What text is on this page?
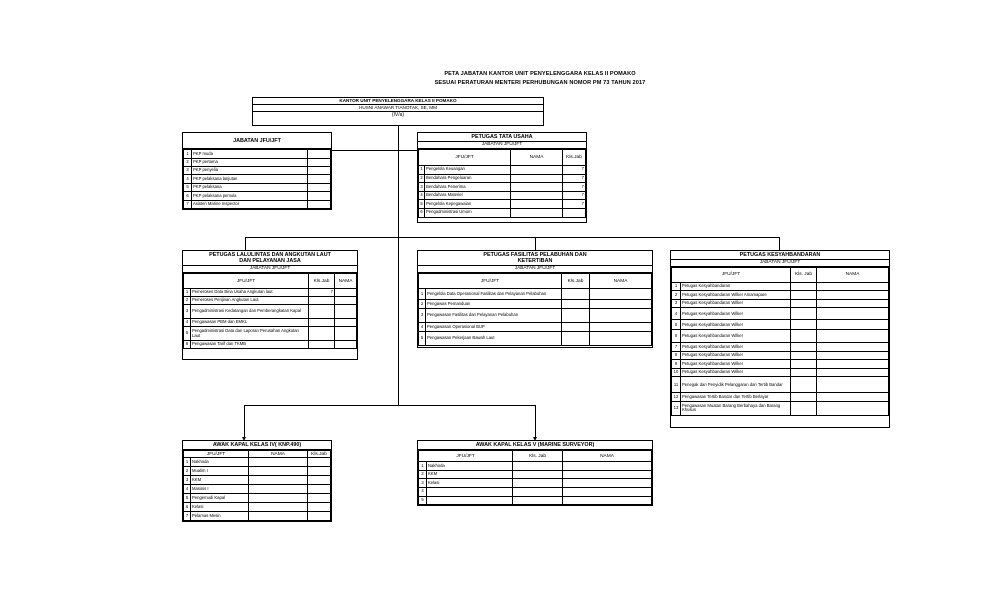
PETA JABATAN KANTOR UNIT PENYELENGGARA KELAS II POMAKO
SESUAI PERATURAN MENTERI PERHUBUNGAN NOMOR PM 73 TAHUN 2017
KANTOR UNIT PENYELENGGARA KELAS II POMAKO
HUSNI ANAWAR TIANOTAK, SE, MM
(IV/a)
JABATAN JFU/JFT
1	PKP muda	
2	PKP pertama	
3	PKP penyelia	
4	PKP pelaksana lanjutan	
5	PKP pelaksana	
6	PKP pelaksana pemula	
7	Asisten Marine Inspector	
PETUGAS TATA USAHA
JABATAN JFU/JFT
JFU/JFT		NAMA	Kls.Jab
1	Pengelola Keuangan		7
2	Bendahara Pengeluaran		7
3	Bendahara Penerima		7
4	Bendahara Materiel		7
5	Pengelola Kepegawaian		7
6	Pengadministrasi Umum		
PETUGAS LALULINTAS DAN ANGKUTAN LAUT
DAN PELAYANAN JASA
JABATAN JFU/JFT
JFU/JFT		Kls.Jab	NAMA
1	Pemeroses Data Bina Usaha Angkutan laut	7	
2	Pemeroses Perijinan Angkutan Laut		
3	Pengadministrasi Kedatangan dan Pemberangkatan Kapal		
4	Pengawasan PBM dan EMKL		
5	Pengadministrasi Data dan Laporan Perusahan Angkutan Laut		
6	Pengawasan Tarif dan TKMB		
PETUGAS FASILITAS PELABUHAN DAN
KETERTIBAN
JABATAN JFU/JFT
JFU/JFT		Kls.Jab	NAMA
1	Pengelola Data Operasional Fasilitas dan Pelayanan Pelabuhan		
2	Pengawas Pemanduan		
3	Pengawasan Fasilitas dan Pelayanan Pelabuhan		
4	Pengawasan Operasional BUP		
5	Pengawasan Pekerjaan Bawah Laut		
PETUGAS KESYAHBANDARAN
JABATAN JFU/JFT
JFU/JFT		Kls. Jab	NAMA
1	Petugas Kesyahbandaran		
2	Petugas Kesyahbandaran Wilker Amamapare		
3	Petugas Kesyahbandaran Wilker		
4	Petugas Kesyahbandaran Wilker		
5	Petugas Kesyahbandaran Wilker		
6	Petugas Kesyahbandaran Wilker		
7	Petugas Kesyahbandaran Wilker		
8	Petugas Kesyahbandaran Wilker		
9	Petugas Kesyahbandaran Wilker		
10	Petugas Kesyahbandaran Wilker		
11	Penegak dan Penyidik Pelanggaran dan Tertib Bandar		
12	Pengawasan Tertib Bandar dan Tertib Berlayar		
13	Pengawasan Muatan Barang Berbahaya dan Barang Khusus		
AWAK KAPAL KELAS IV( KNP.490)
JFU/JFT		NAMA	Kls.Jab
1	Nakhoda		
2	Mualim I		
3	KKM		
4	Masinis I		
5	Pengemudi Kapal		
6	Kelasi		
7	Pelamas Mesin		
AWAK KAPAL KELAS V (MARINE SURVEYOR)
JFU/JFT		Kls. Jab	NAMA
1	Nakhoda		
2	KKM		
3	Kelasi		
4			
5			
